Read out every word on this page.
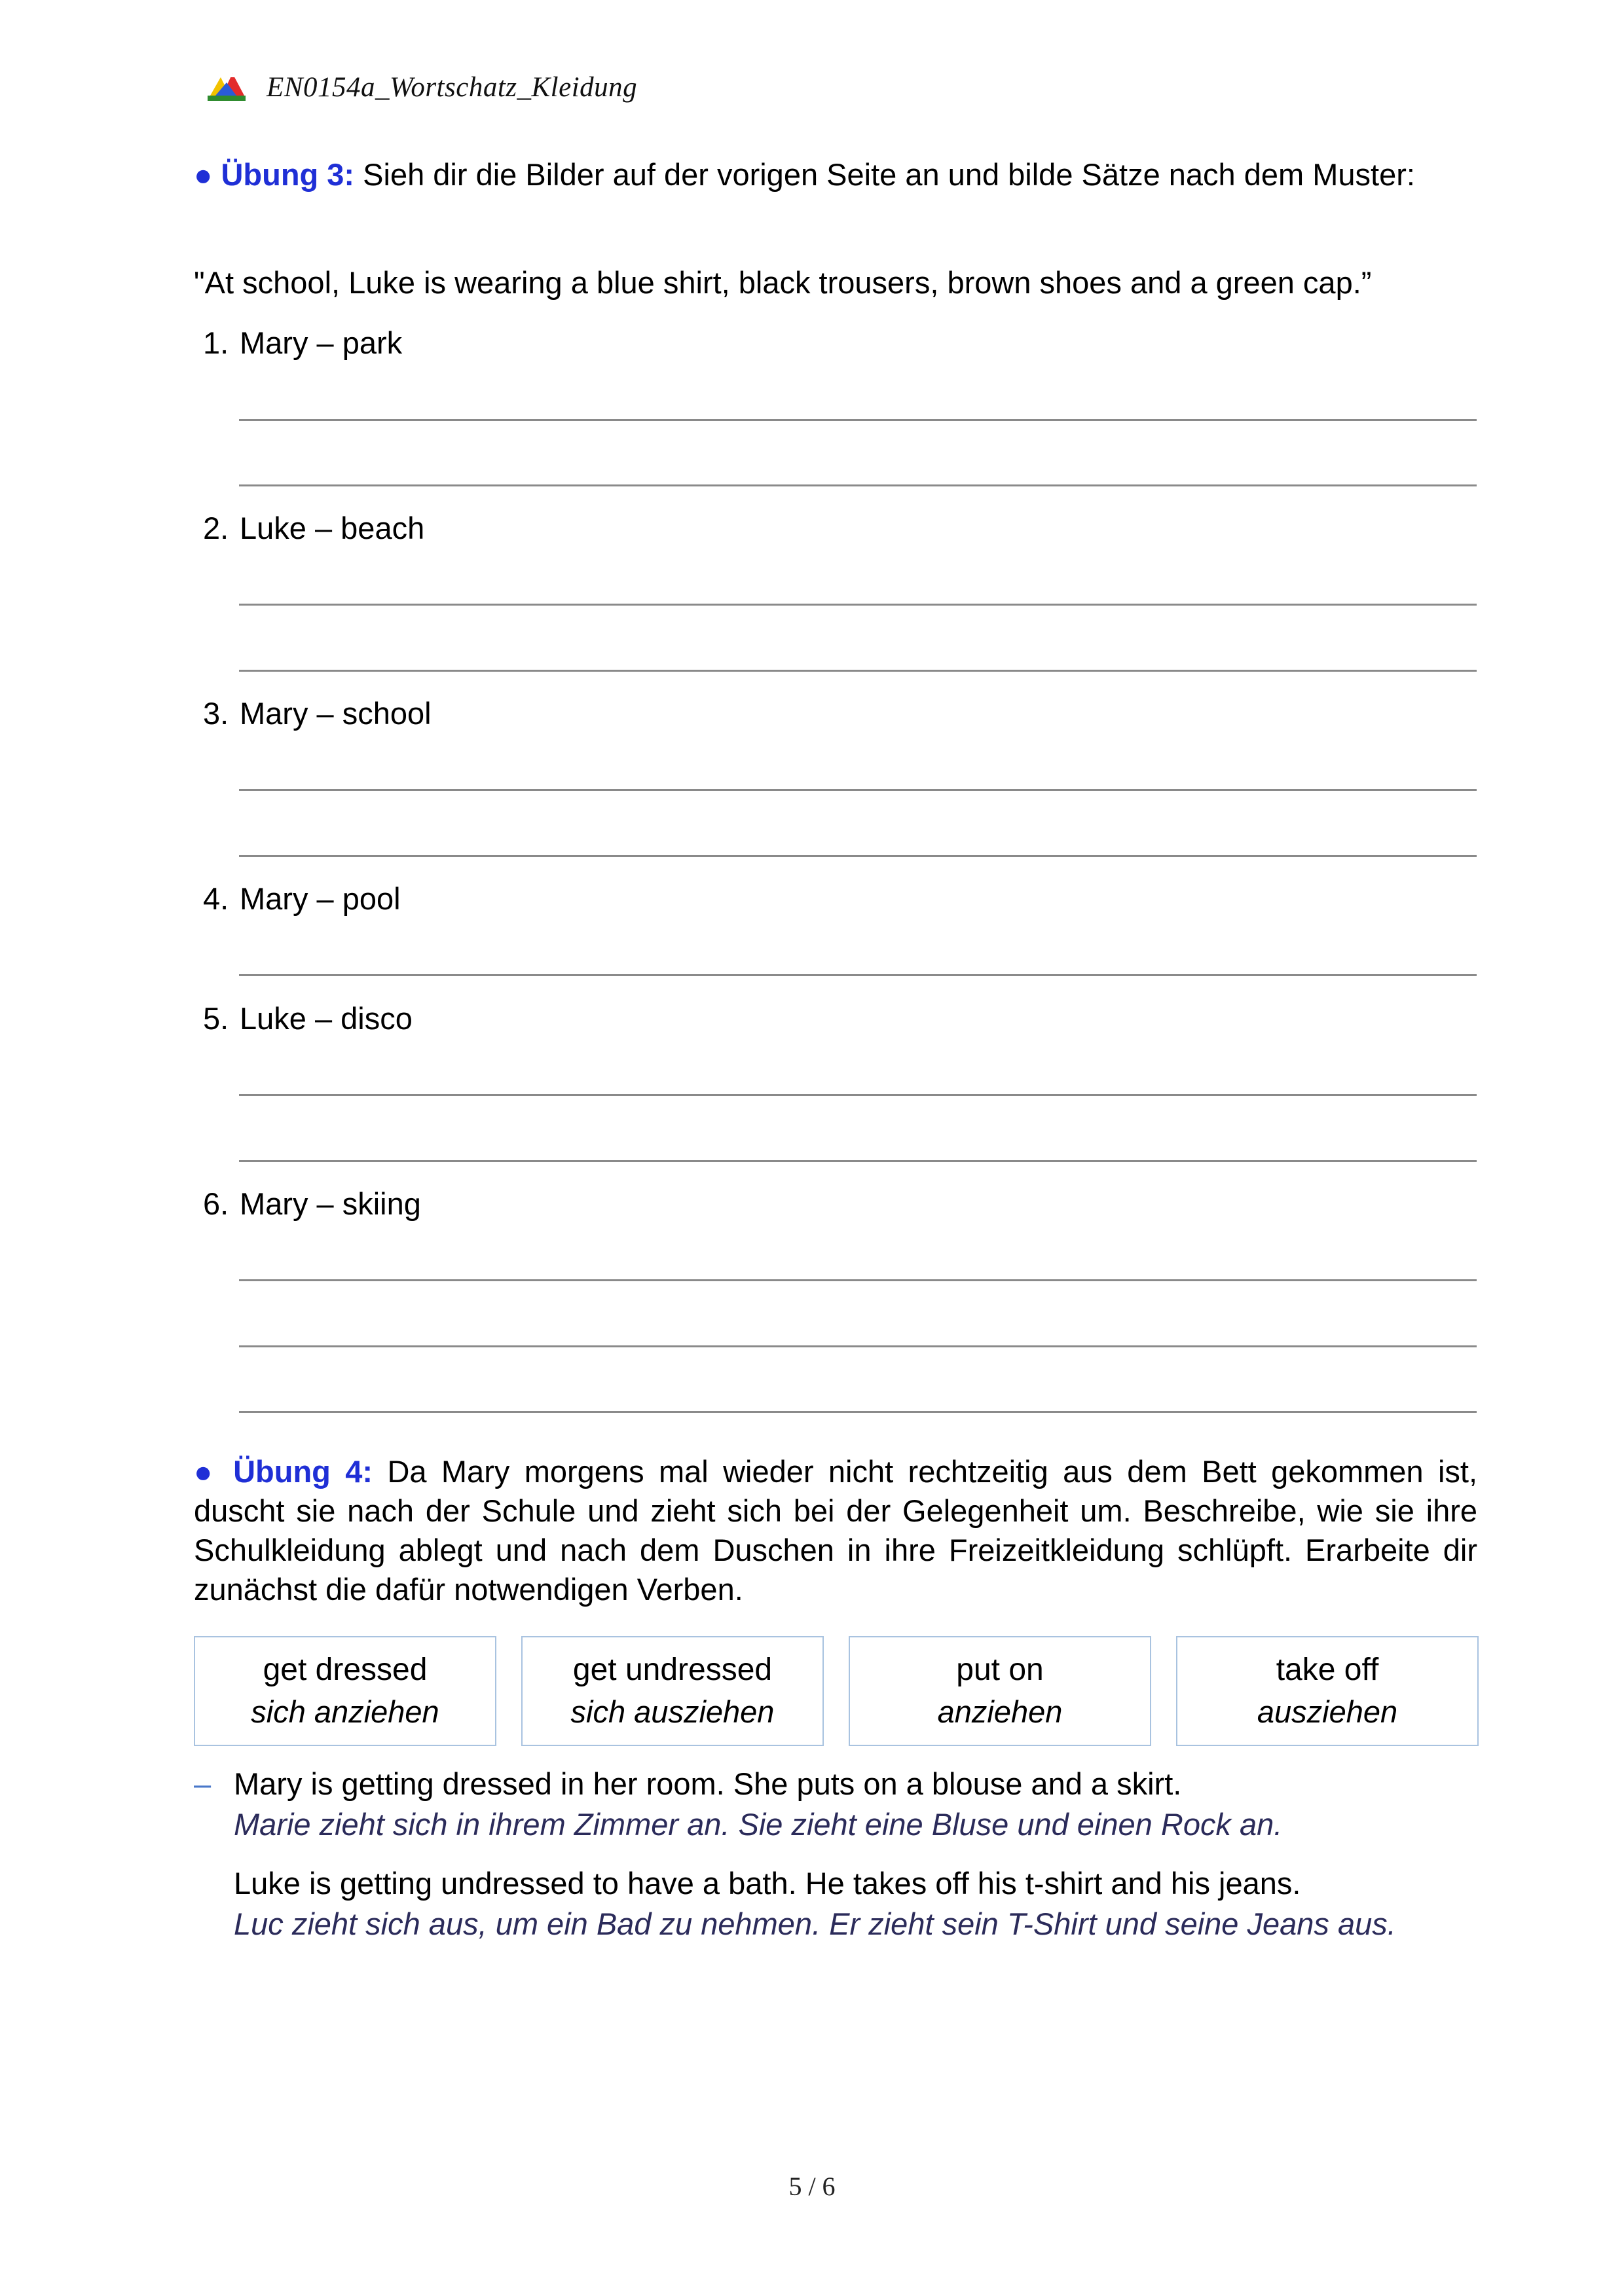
EN0154a_Wortschatz_Kleidung
● Übung 3: Sieh dir die Bilder auf der vorigen Seite an und bilde Sätze nach dem Muster:
"At school, Luke is wearing a blue shirt, black trousers, brown shoes and a green cap.”
1. Mary – park
2. Luke – beach
3. Mary – school
4. Mary – pool
5. Luke – disco
6. Mary – skiing
● Übung 4: Da Mary morgens mal wieder nicht rechtzeitig aus dem Bett gekommen ist, duscht sie nach der Schule und zieht sich bei der Gelegenheit um. Beschreibe, wie sie ihre Schulkleidung ablegt und nach dem Duschen in ihre Freizeitkleidung schlüpft. Erarbeite dir zunächst die dafür notwendigen Verben.
get dressed
sich anziehen
get undressed
sich ausziehen
put on
anziehen
take off
ausziehen
– Mary is getting dressed in her room. She puts on a blouse and a skirt.
Marie zieht sich in ihrem Zimmer an. Sie zieht eine Bluse und einen Rock an.
Luke is getting undressed to have a bath. He takes off his t-shirt and his jeans.
Luc zieht sich aus, um ein Bad zu nehmen. Er zieht sein T-Shirt und seine Jeans aus.
5 / 6
